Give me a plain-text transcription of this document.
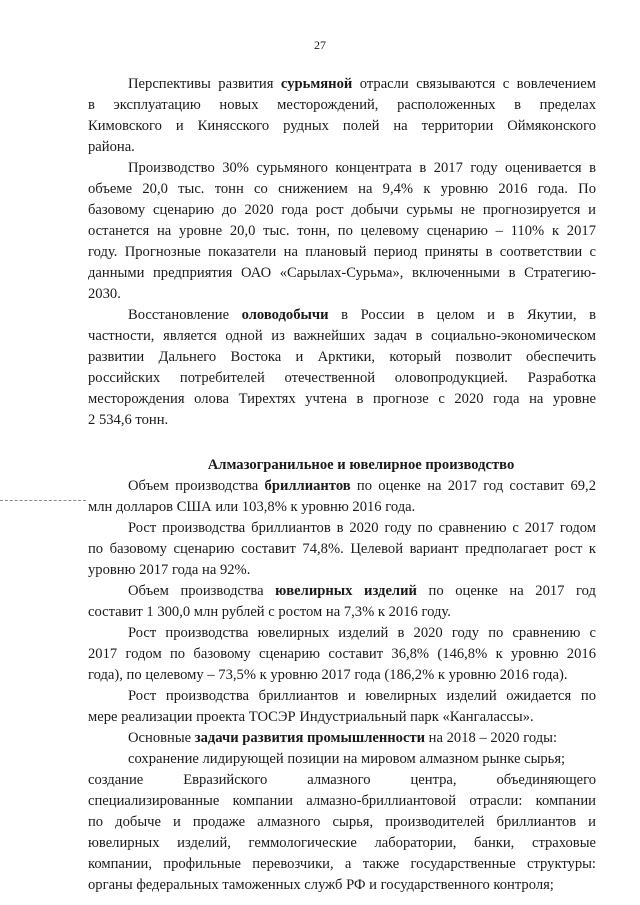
27
Перспективы развития сурьмяной отрасли связываются с вовлечением
в эксплуатацию новых месторождений, расположенных в пределах
Кимовского и Кинясского рудных полей на территории Оймяконского
района.
Производство 30% сурьмяного концентрата в 2017 году оценивается в
объеме 20,0 тыс. тонн со снижением на 9,4% к уровню 2016 года. По
базовому сценарию до 2020 года рост добычи сурьмы не прогнозируется и
останется на уровне 20,0 тыс. тонн, по целевому сценарию – 110% к 2017
году. Прогнозные показатели на плановый период приняты в соответствии с
данными предприятия ОАО «Сарылах-Сурьма», включенными в Стратегию-
2030.
Восстановление оловодобычи в России в целом и в Якутии, в
частности, является одной из важнейших задач в социально-экономическом
развитии Дальнего Востока и Арктики, который позволит обеспечить
российских потребителей отечественной оловопродукцией. Разработка
месторождения олова Тирехтях учтена в прогнозе с 2020 года на уровне
2 534,6 тонн.
Алмазогранильное и ювелирное производство
Объем производства бриллиантов по оценке на 2017 год составит 69,2
млн долларов США или 103,8% к уровню 2016 года.
Рост производства бриллиантов в 2020 году по сравнению с 2017 годом
по базовому сценарию составит 74,8%. Целевой вариант предполагает рост к
уровню 2017 года на 92%.
Объем производства ювелирных изделий по оценке на 2017 год
составит 1 300,0 млн рублей с ростом на 7,3% к 2016 году.
Рост производства ювелирных изделий в 2020 году по сравнению с
2017 годом по базовому сценарию составит 36,8% (146,8% к уровню 2016
года), по целевому – 73,5% к уровню 2017 года (186,2% к уровню 2016 года).
Рост производства бриллиантов и ювелирных изделий ожидается по
мере реализации проекта ТОСЭР Индустриальный парк «Кангалассы».
Основные задачи развития промышленности на 2018 – 2020 годы:
сохранение лидирующей позиции на мировом алмазном рынке сырья;
создание Евразийского алмазного центра, объединяющего
специализированные компании алмазно-бриллиантовой отрасли: компании
по добыче и продаже алмазного сырья, производителей бриллиантов и
ювелирных изделий, геммологические лаборатории, банки, страховые
компании, профильные перевозчики, а также государственные структуры:
органы федеральных таможенных служб РФ и государственного контроля;
